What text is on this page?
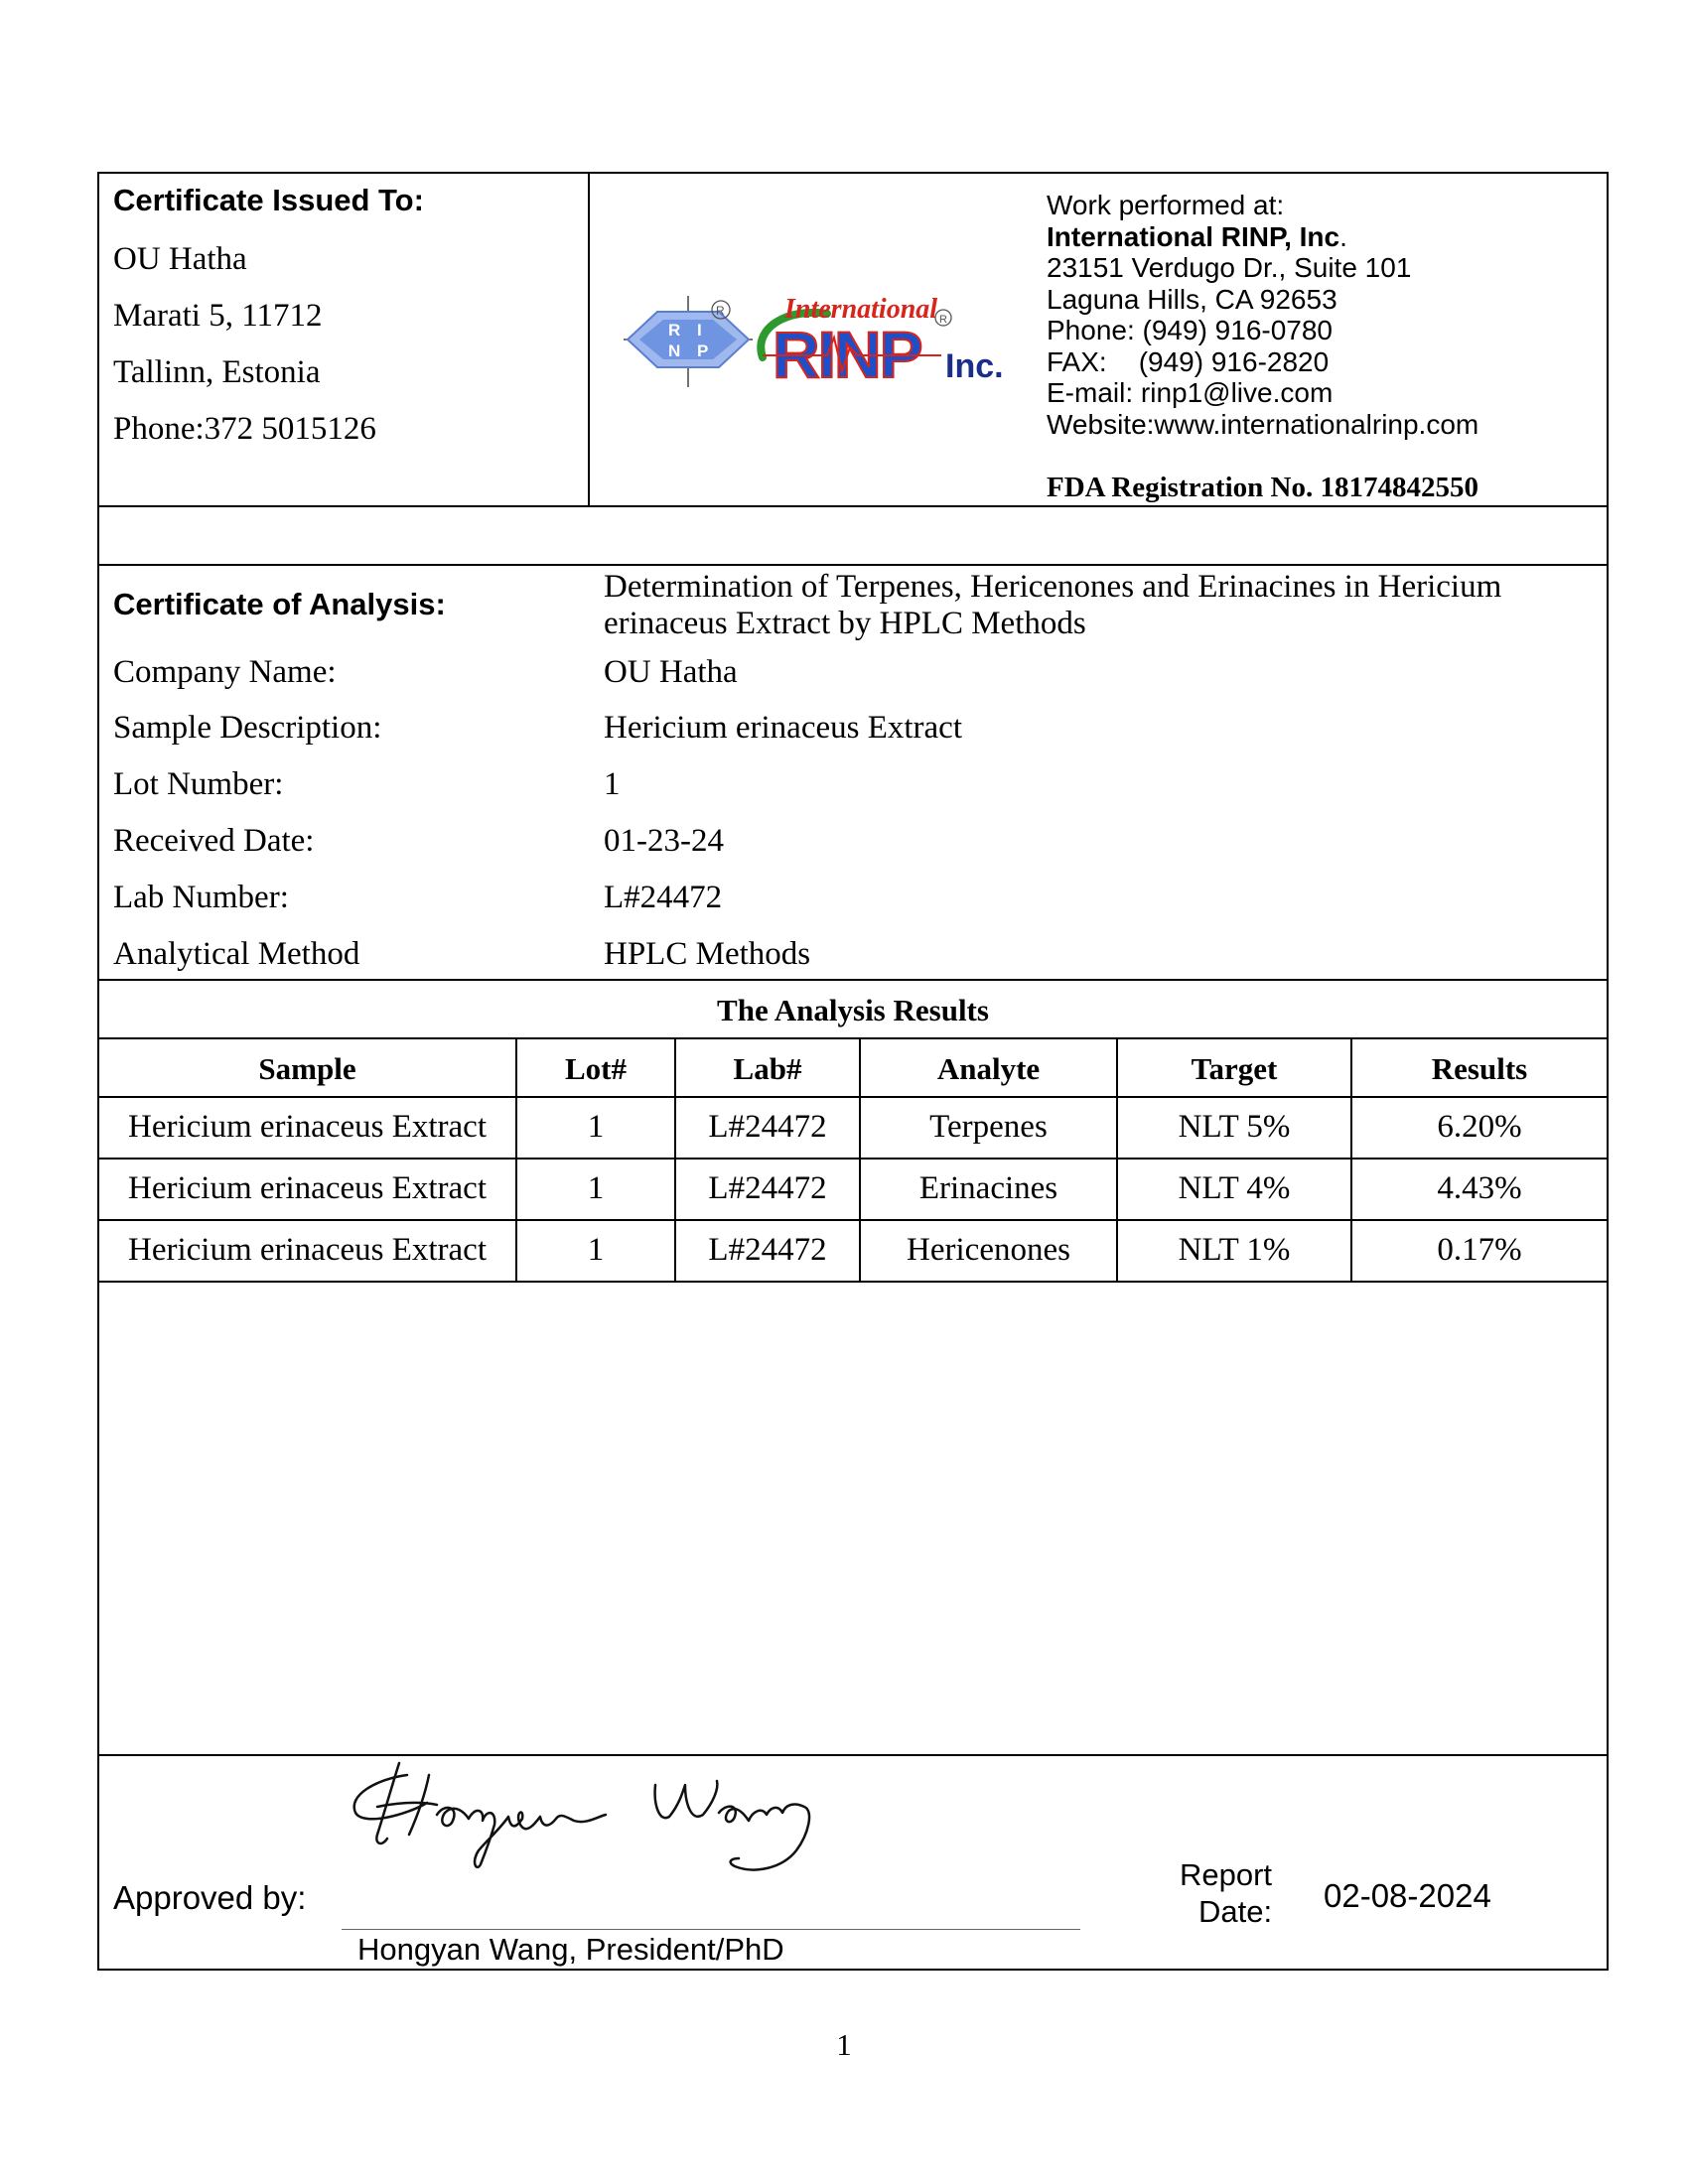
Certificate Issued To:
OU Hatha
Marati 5, 11712
Tallinn, Estonia
Phone:372 5015126
R I
N P
R International R
RINP Inc.
Work performed at:
International RINP, Inc.
23151 Verdugo Dr., Suite 101
Laguna Hills, CA 92653
Phone: (949) 916-0780
FAX: (949) 916-2820
E-mail: rinp1@live.com
Website:www.internationalrinp.com
FDA Registration No. 18174842550
Certificate of Analysis:	Determination of Terpenes, Hericenones and Erinacines in Hericium
erinaceus Extract by HPLC Methods
Company Name:	OU Hatha
Sample Description:	Hericium erinaceus Extract
Lot Number:	1
Received Date:	01-23-24
Lab Number:	L#24472
Analytical Method	HPLC Methods
The Analysis Results
Sample	Lot#	Lab#	Analyte	Target	Results
Hericium erinaceus Extract	1	L#24472	Terpenes	NLT 5%	6.20%
Hericium erinaceus Extract	1	L#24472	Erinacines	NLT 4%	4.43%
Hericium erinaceus Extract	1	L#24472	Hericenones	NLT 1%	0.17%
Approved by:
Hongyan Wang, President/PhD
Report
Date: 02-08-2024
1
